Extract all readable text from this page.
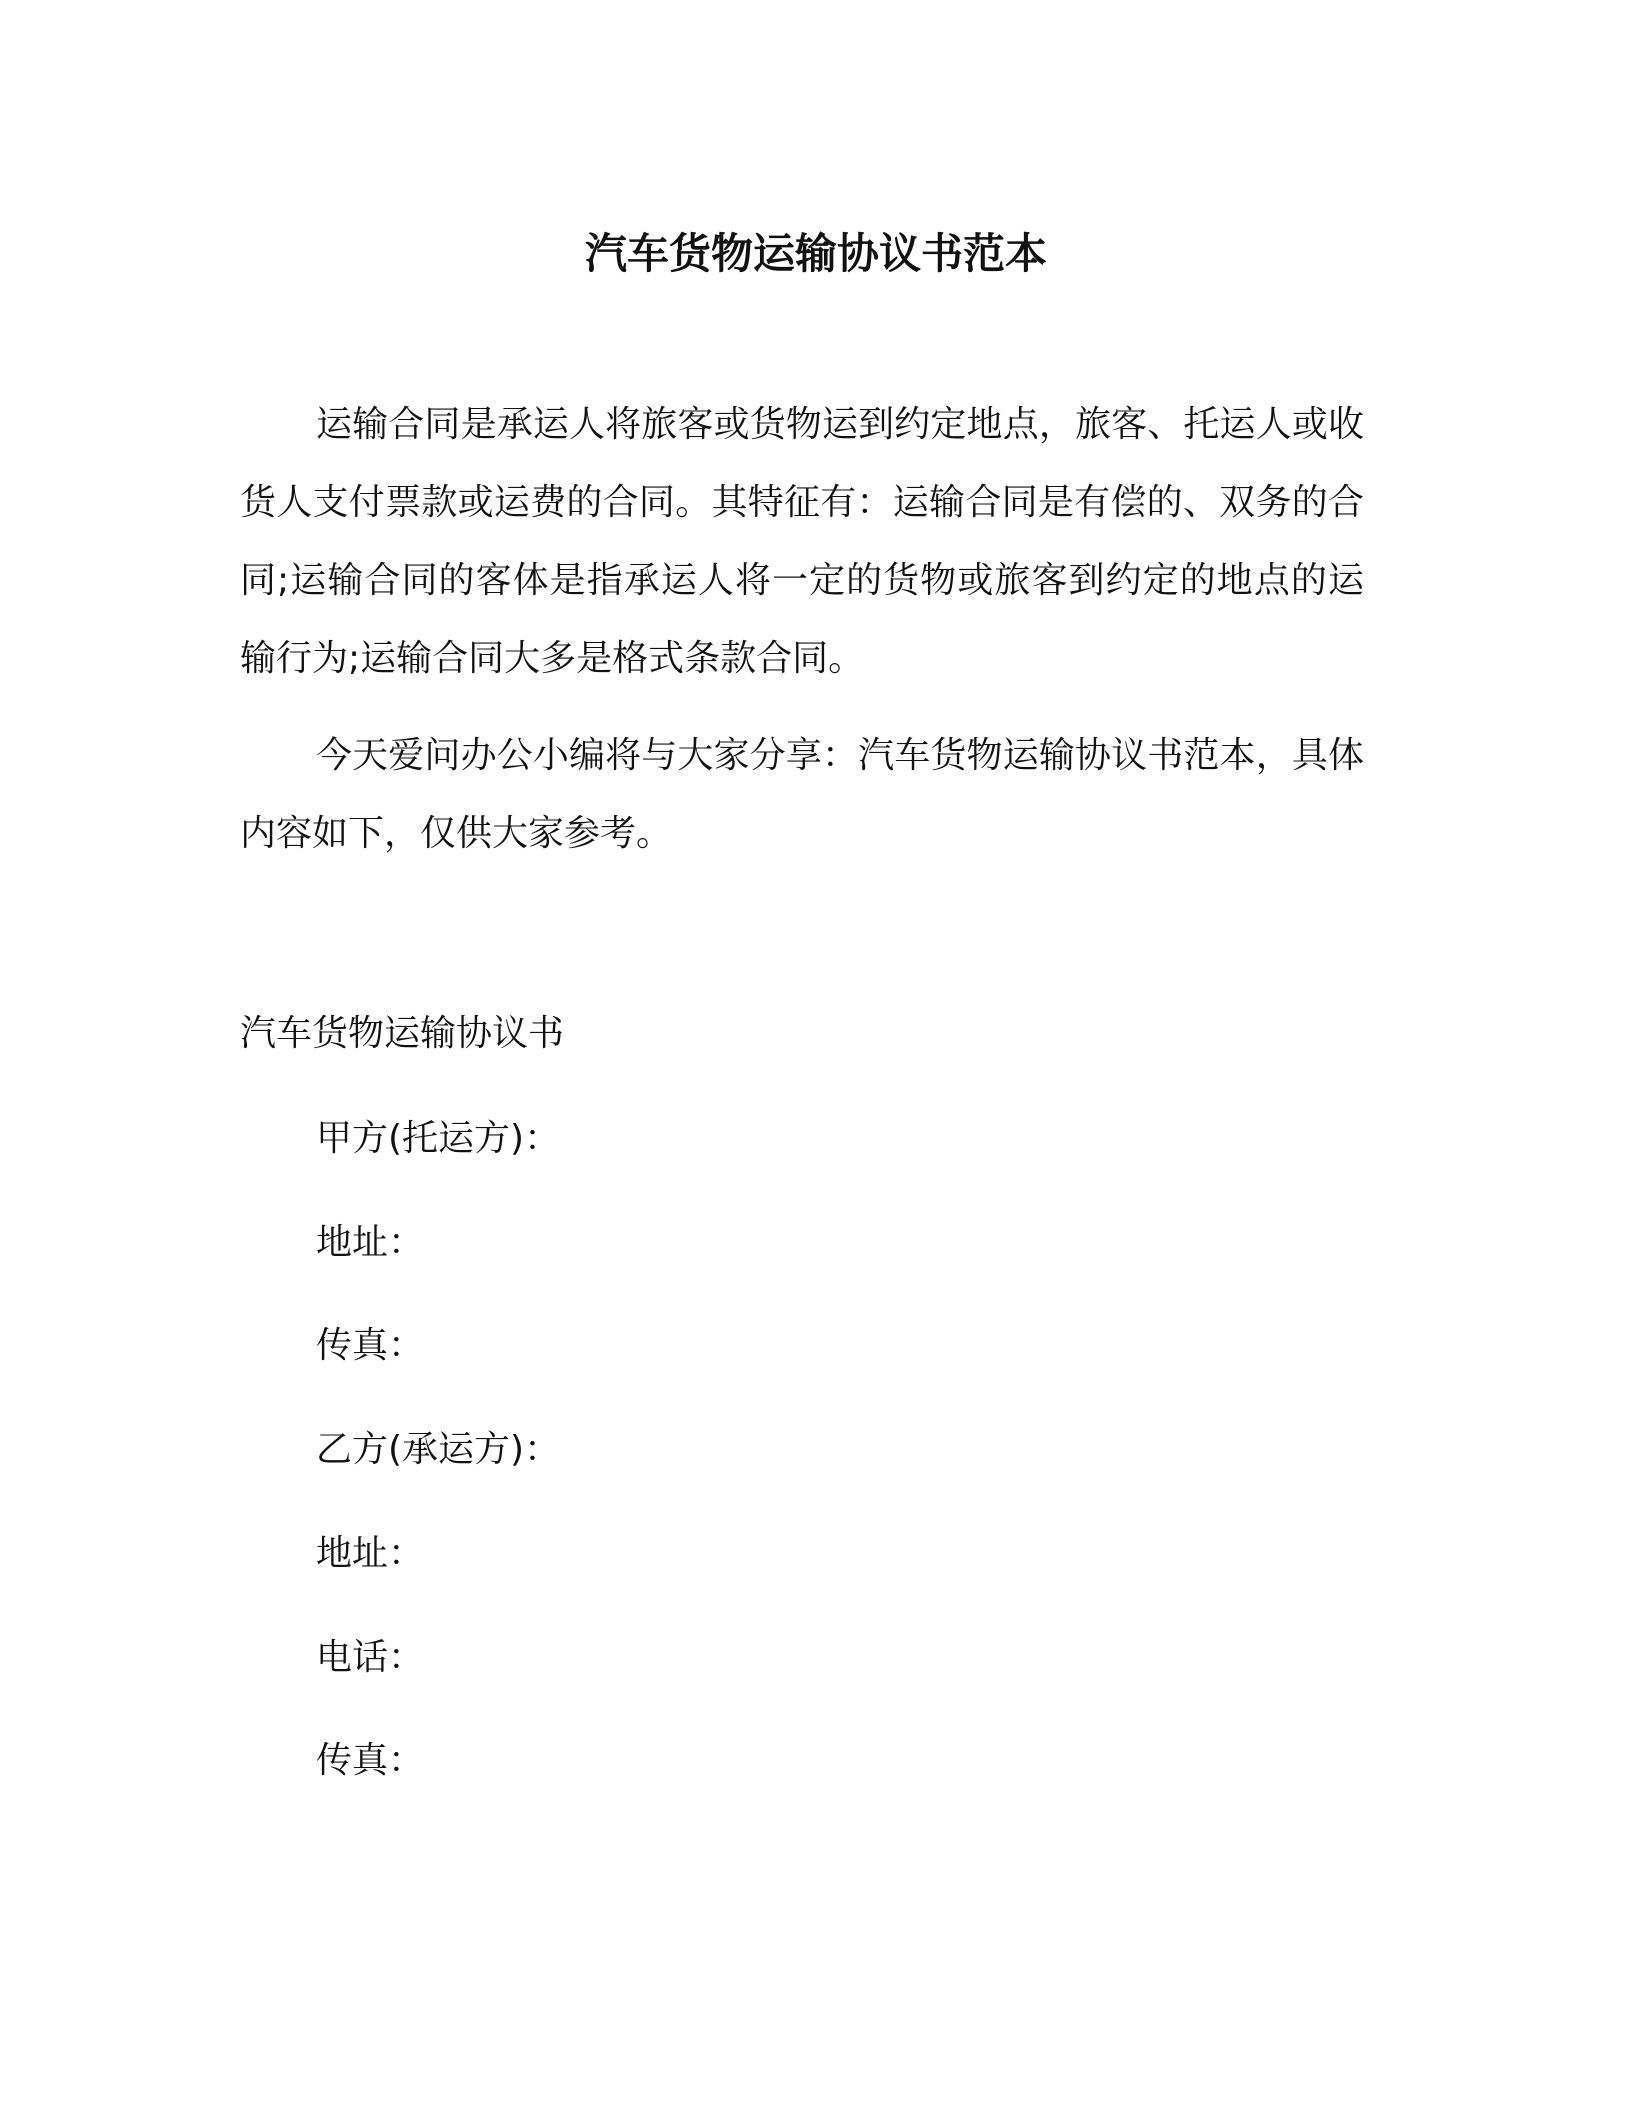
汽车货物运输协议书范本

运输合同是承运人将旅客或货物运到约定地点，旅客、托运人或收货人支付票款或运费的合同。其特征有：运输合同是有偿的、双务的合同;运输合同的客体是指承运人将一定的货物或旅客到约定的地点的运输行为;运输合同大多是格式条款合同。

今天爱问办公小编将与大家分享：汽车货物运输协议书范本，具体内容如下，仅供大家参考。

汽车货物运输协议书
甲方(托运方)：
地址：
传真：
乙方(承运方)：
地址：
电话：
传真：
